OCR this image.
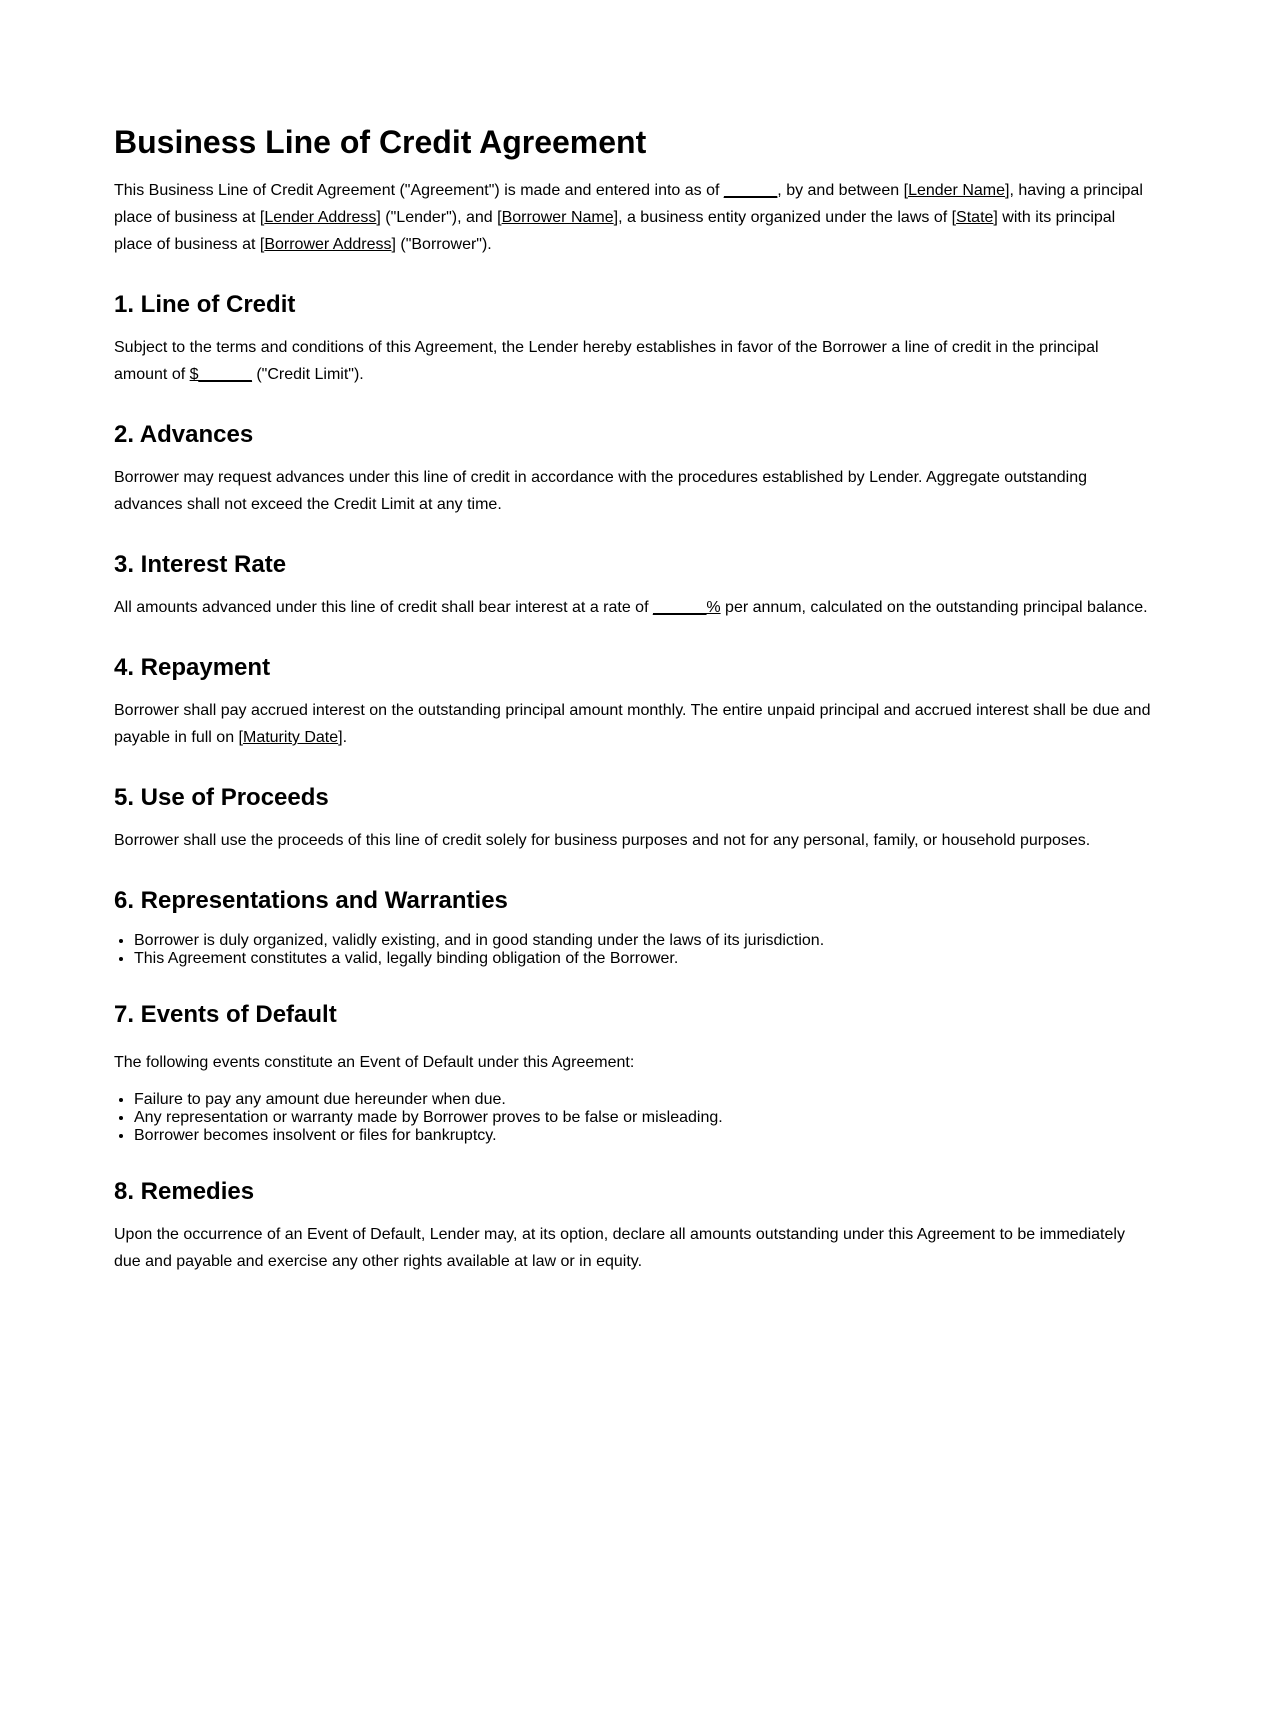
Business Line of Credit Agreement

This Business Line of Credit Agreement ("Agreement") is made and entered into as of ______, by and between [Lender Name], having a principal place of business at [Lender Address] ("Lender"), and [Borrower Name], a business entity organized under the laws of [State] with its principal place of business at [Borrower Address] ("Borrower").

1. Line of Credit

Subject to the terms and conditions of this Agreement, the Lender hereby establishes in favor of the Borrower a line of credit in the principal amount of $______ ("Credit Limit").

2. Advances

Borrower may request advances under this line of credit in accordance with the procedures established by Lender. Aggregate outstanding advances shall not exceed the Credit Limit at any time.

3. Interest Rate

All amounts advanced under this line of credit shall bear interest at a rate of ______% per annum, calculated on the outstanding principal balance.

4. Repayment

Borrower shall pay accrued interest on the outstanding principal amount monthly. The entire unpaid principal and accrued interest shall be due and payable in full on [Maturity Date].

5. Use of Proceeds

Borrower shall use the proceeds of this line of credit solely for business purposes and not for any personal, family, or household purposes.

6. Representations and Warranties
• Borrower is duly organized, validly existing, and in good standing under the laws of its jurisdiction.
• This Agreement constitutes a valid, legally binding obligation of the Borrower.
7. Events of Default

The following events constitute an Event of Default under this Agreement:

• Failure to pay any amount due hereunder when due.
• Any representation or warranty made by Borrower proves to be false or misleading.
• Borrower becomes insolvent or files for bankruptcy.
8. Remedies

Upon the occurrence of an Event of Default, Lender may, at its option, declare all amounts outstanding under this Agreement to be immediately due and payable and exercise any other rights available at law or in equity.
